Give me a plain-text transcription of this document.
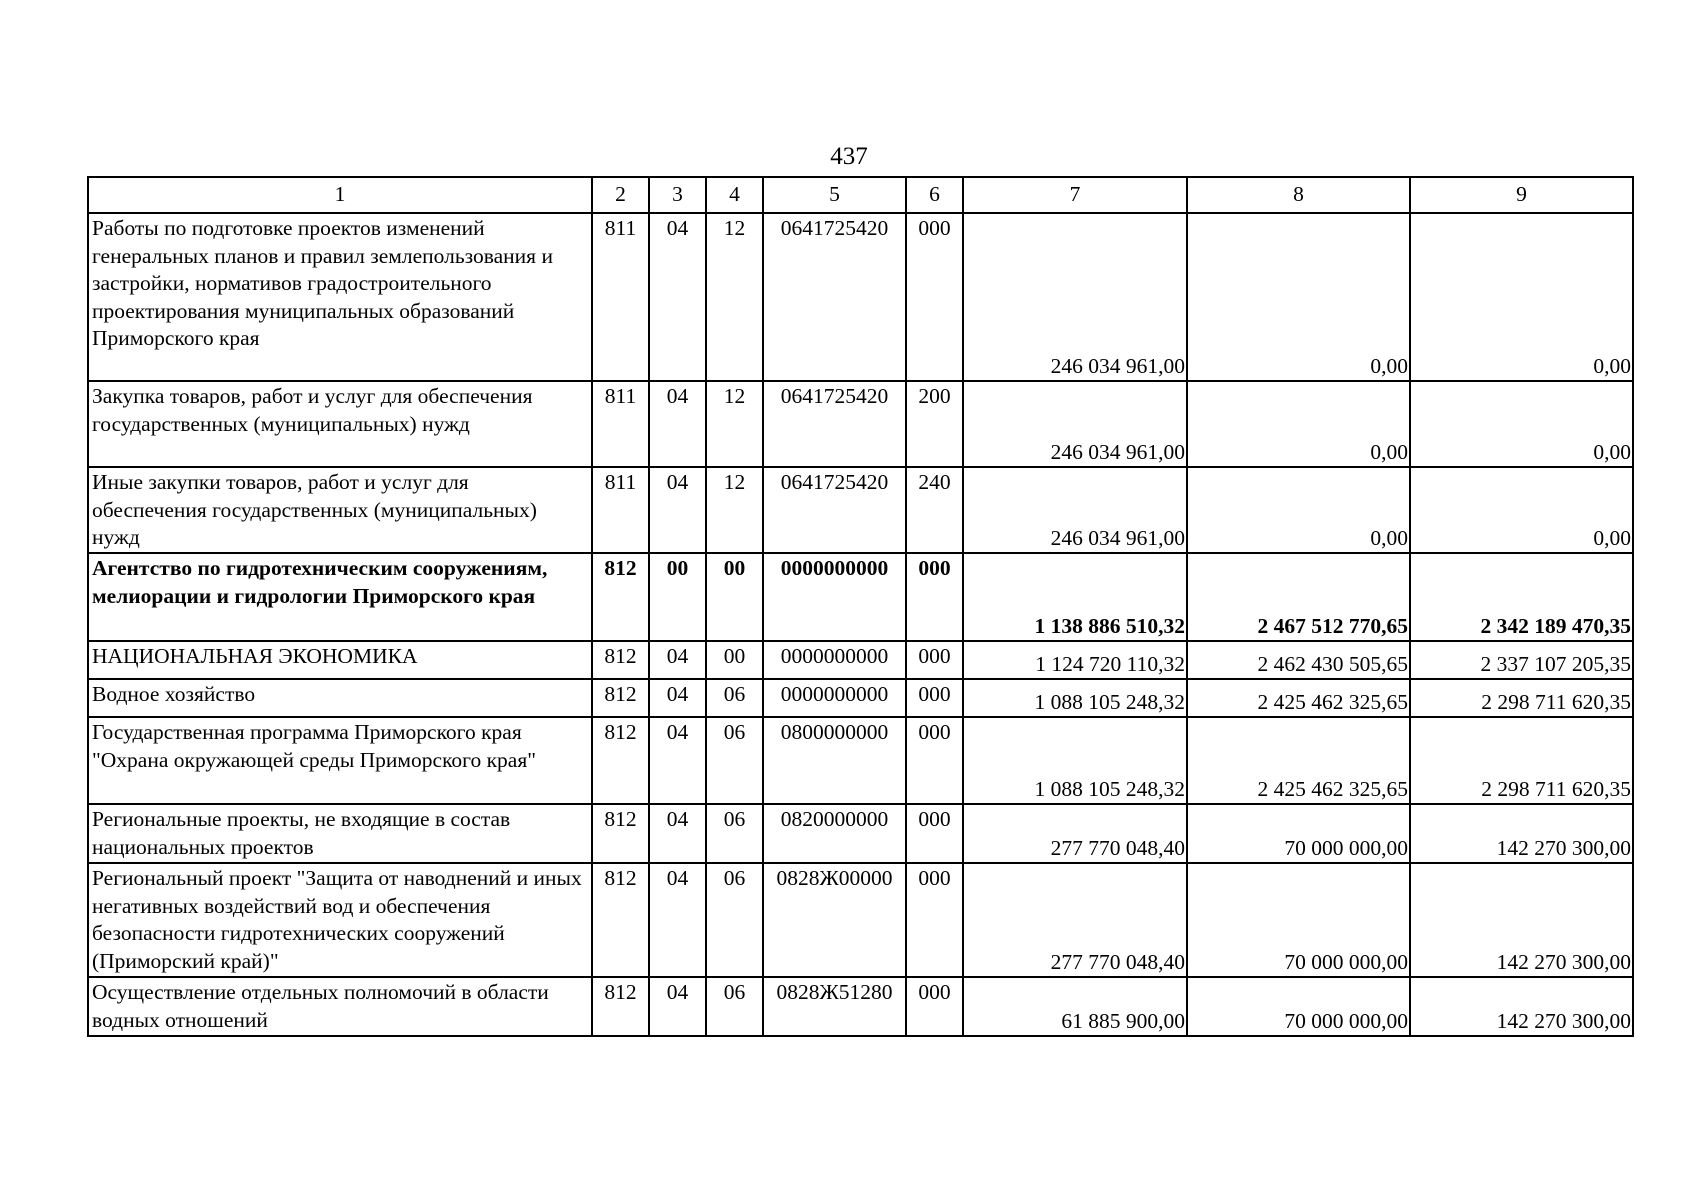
437
1	2	3	4	5	6	7	8	9
Работы по подготовке проектов изменений генеральных планов и правил землепользования и застройки, нормативов градостроительного проектирования муниципальных образований Приморского края	811	04	12	0641725420	000	246 034 961,00	0,00	0,00
Закупка товаров, работ и услуг для обеспечения государственных (муниципальных) нужд	811	04	12	0641725420	200	246 034 961,00	0,00	0,00
Иные закупки товаров, работ и услуг для обеспечения государственных (муниципальных) нужд	811	04	12	0641725420	240	246 034 961,00	0,00	0,00
Агентство по гидротехническим сооружениям, мелиорации и гидрологии Приморского края	812	00	00	0000000000	000	1 138 886 510,32	2 467 512 770,65	2 342 189 470,35
НАЦИОНАЛЬНАЯ ЭКОНОМИКА	812	04	00	0000000000	000	1 124 720 110,32	2 462 430 505,65	2 337 107 205,35
Водное хозяйство	812	04	06	0000000000	000	1 088 105 248,32	2 425 462 325,65	2 298 711 620,35
Государственная программа Приморского края "Охрана окружающей среды Приморского края"	812	04	06	0800000000	000	1 088 105 248,32	2 425 462 325,65	2 298 711 620,35
Региональные проекты, не входящие в состав национальных проектов	812	04	06	0820000000	000	277 770 048,40	70 000 000,00	142 270 300,00
Региональный проект "Защита от наводнений и иных негативных воздействий вод и обеспечения безопасности гидротехнических сооружений (Приморский край)"	812	04	06	0828Ж00000	000	277 770 048,40	70 000 000,00	142 270 300,00
Осуществление отдельных полномочий в области водных отношений	812	04	06	0828Ж51280	000	61 885 900,00	70 000 000,00	142 270 300,00
